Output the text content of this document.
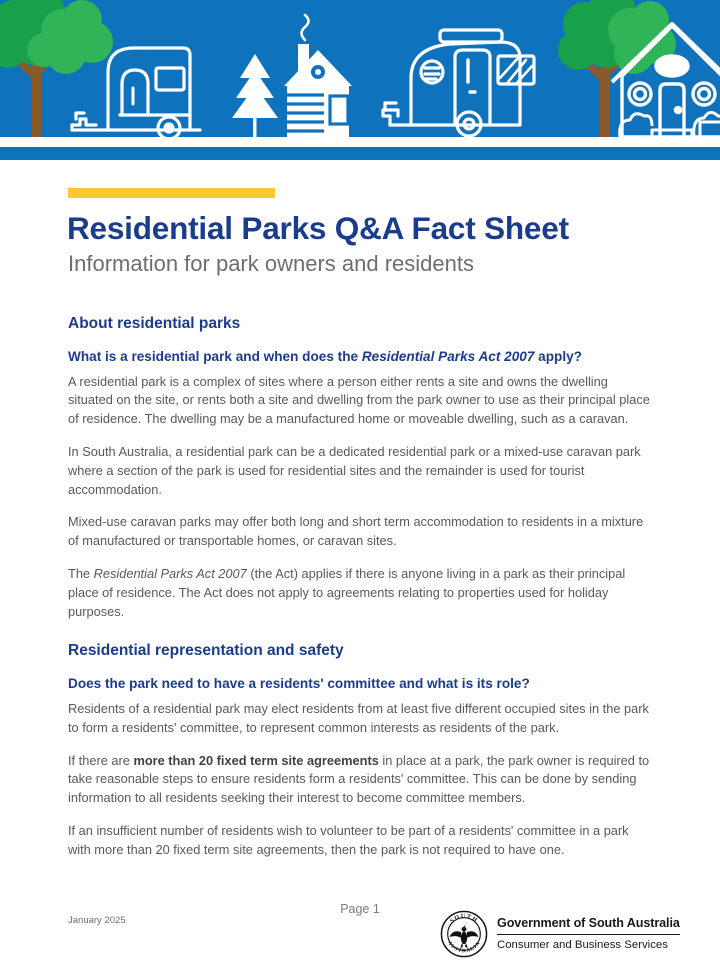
Residential Parks Q&A Fact Sheet
Information for park owners and residents
About residential parks
What is a residential park and when does the Residential Parks Act 2007 apply?

A residential park is a complex of sites where a person either rents a site and owns the dwelling situated on the site, or rents both a site and dwelling from the park owner to use as their principal place of residence. The dwelling may be a manufactured home or moveable dwelling, such as a caravan.

In South Australia, a residential park can be a dedicated residential park or a mixed-use caravan park where a section of the park is used for residential sites and the remainder is used for tourist accommodation.

Mixed-use caravan parks may offer both long and short term accommodation to residents in a mixture of manufactured or transportable homes, or caravan sites.

The Residential Parks Act 2007 (the Act) applies if there is anyone living in a park as their principal place of residence. The Act does not apply to agreements relating to properties used for holiday purposes.

Residential representation and safety
Does the park need to have a residents' committee and what is its role?

Residents of a residential park may elect residents from at least five different occupied sites in the park to form a residents' committee, to represent common interests as residents of the park.

If there are more than 20 fixed term site agreements in place at a park, the park owner is required to take reasonable steps to ensure residents form a residents' committee. This can be done by sending information to all residents seeking their interest to become committee members.

If an insufficient number of residents wish to volunteer to be part of a residents' committee in a park with more than 20 fixed term site agreements, then the park is not required to have one.

January 2025
Page 1
SOUTH
AUSTRALIA
Government of South Australia
Consumer and Business Services
